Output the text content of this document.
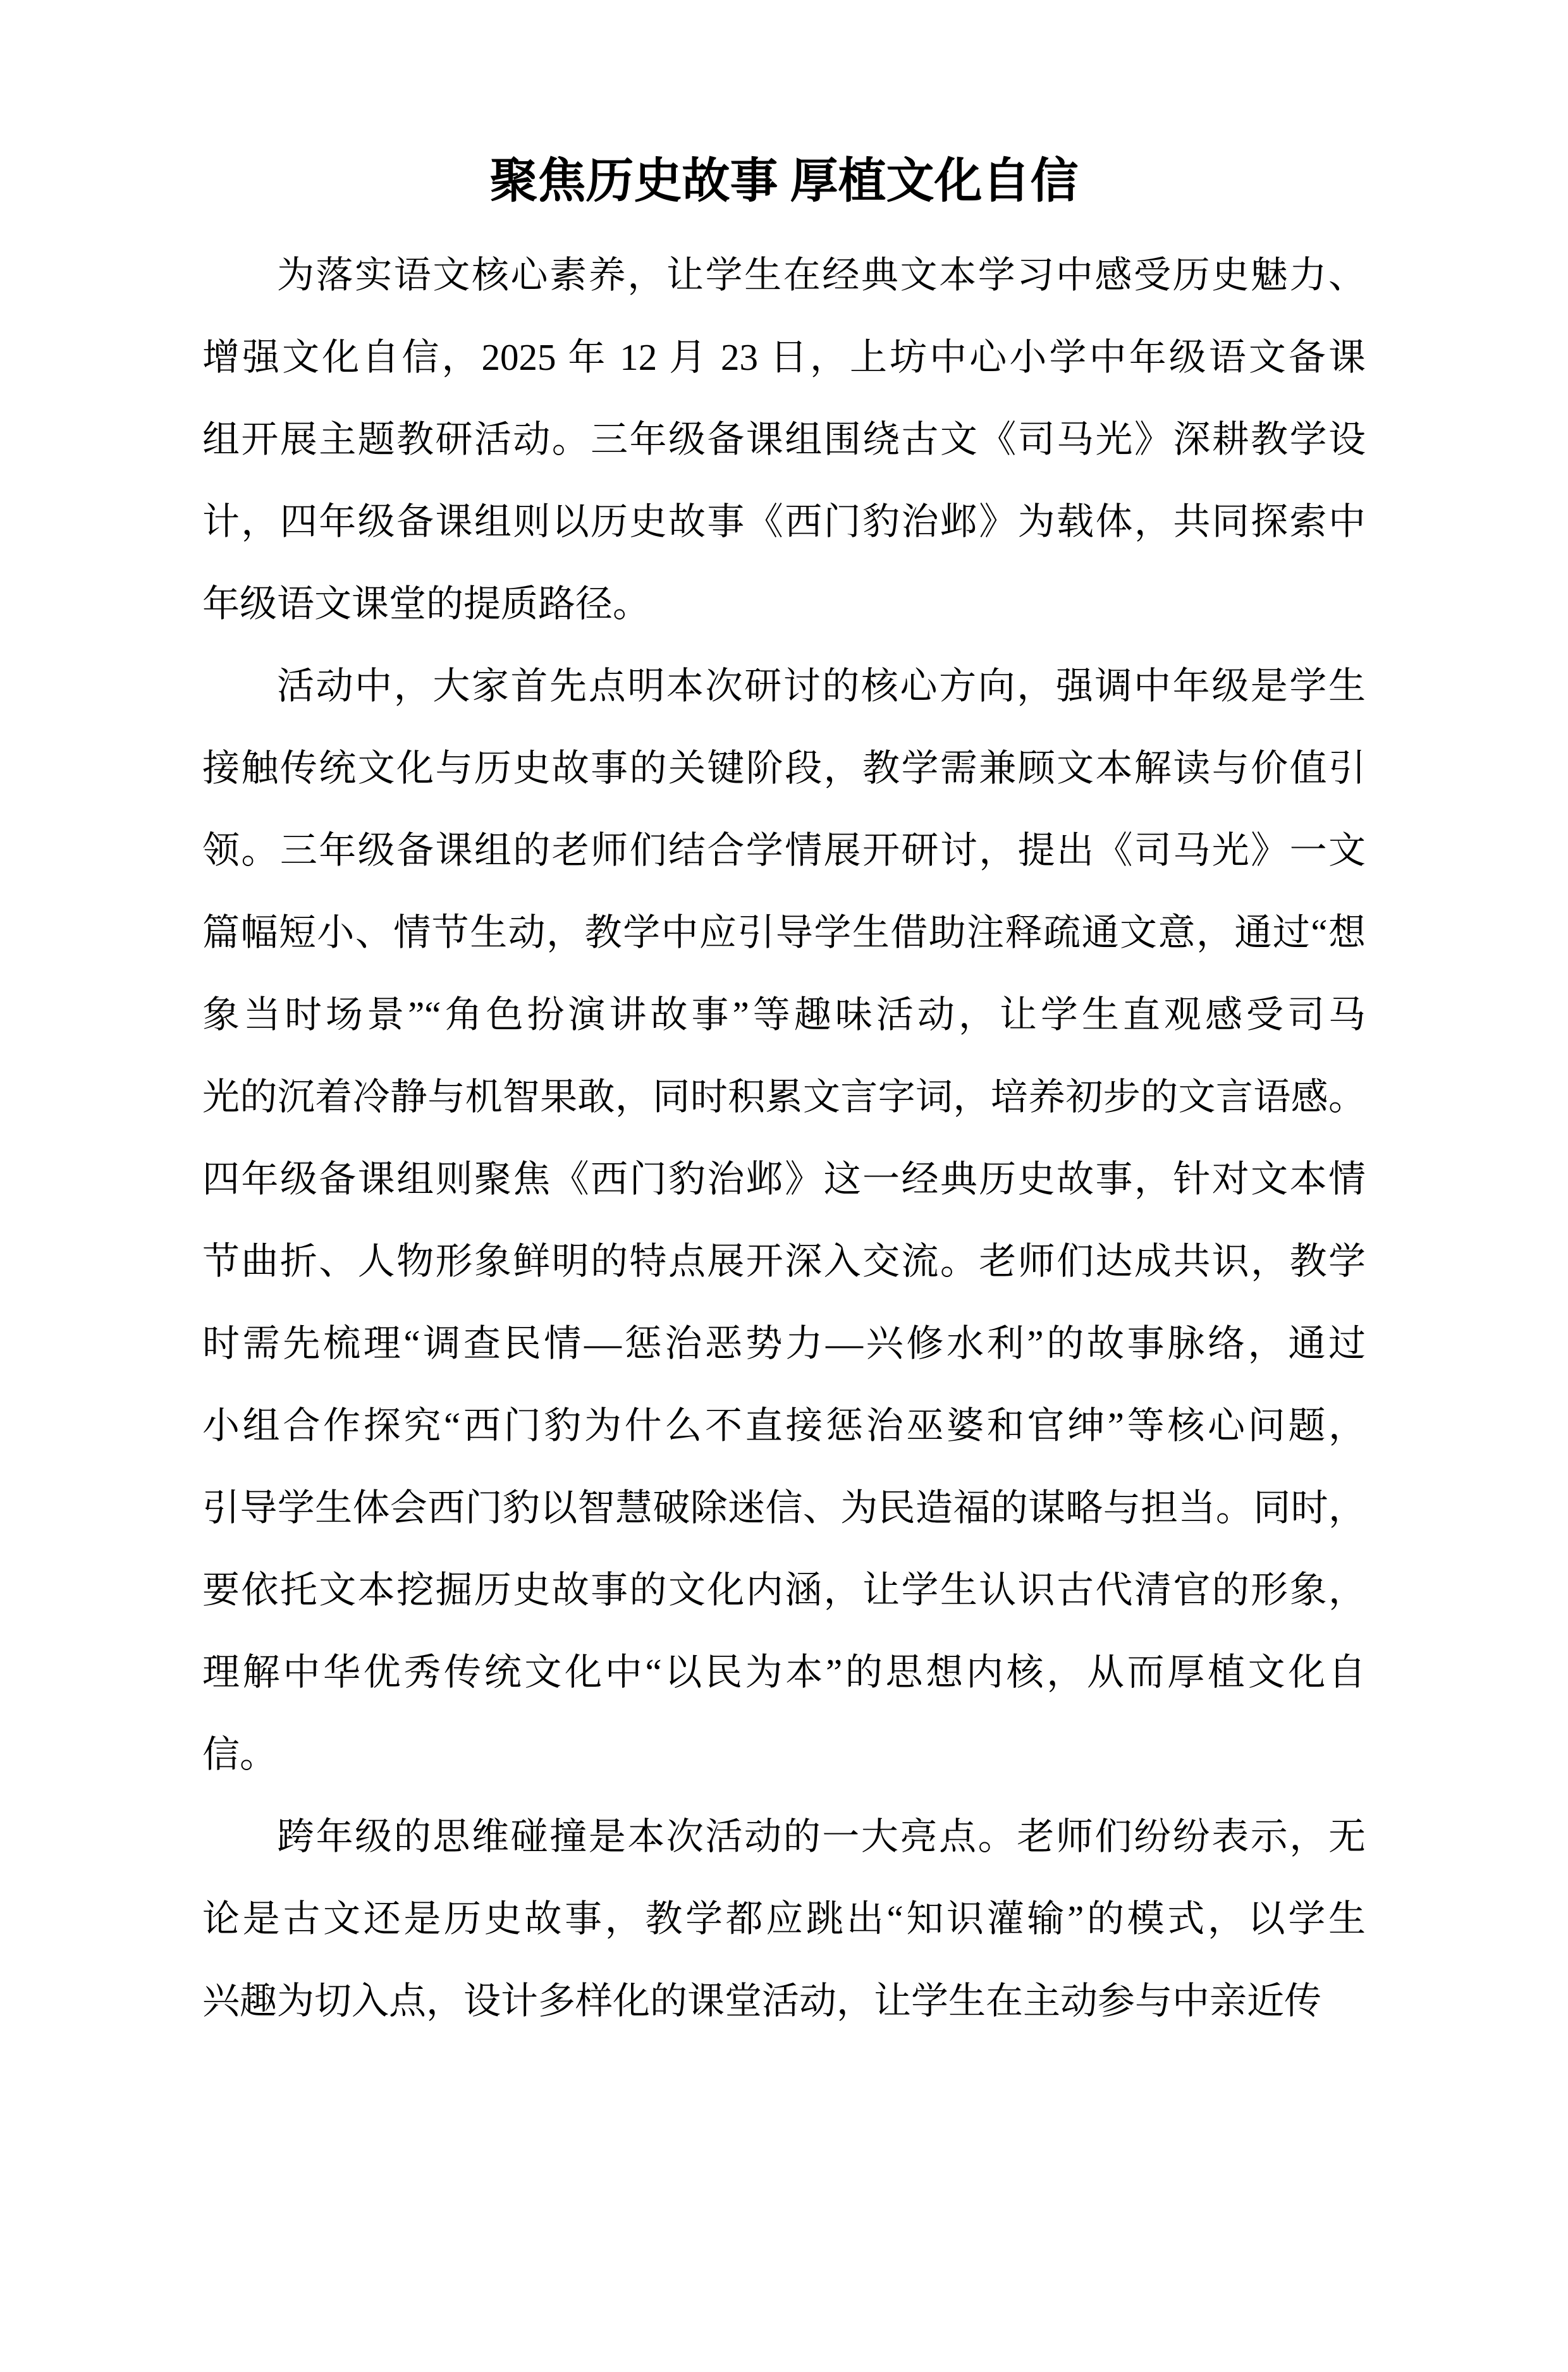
聚焦历史故事 厚植文化自信
为落实语文核心素养，让学生在经典文本学习中感受历史魅力、
增强文化自信，2025 年 12 月 23 日，上坊中心小学中年级语文备课
组开展主题教研活动。三年级备课组围绕古文《司马光》深耕教学设
计，四年级备课组则以历史故事《西门豹治邺》为载体，共同探索中
年级语文课堂的提质路径。
活动中，大家首先点明本次研讨的核心方向，强调中年级是学生
接触传统文化与历史故事的关键阶段，教学需兼顾文本解读与价值引
领。三年级备课组的老师们结合学情展开研讨，提出《司马光》一文
篇幅短小、情节生动，教学中应引导学生借助注释疏通文意，通过“想
象当时场景”“角色扮演讲故事”等趣味活动，让学生直观感受司马
光的沉着冷静与机智果敢，同时积累文言字词，培养初步的文言语感。
四年级备课组则聚焦《西门豹治邺》这一经典历史故事，针对文本情
节曲折、人物形象鲜明的特点展开深入交流。老师们达成共识，教学
时需先梳理“调查民情—惩治恶势力—兴修水利”的故事脉络，通过
小组合作探究“西门豹为什么不直接惩治巫婆和官绅”等核心问题，
引导学生体会西门豹以智慧破除迷信、为民造福的谋略与担当。同时，
要依托文本挖掘历史故事的文化内涵，让学生认识古代清官的形象，
理解中华优秀传统文化中“以民为本”的思想内核，从而厚植文化自
信。
跨年级的思维碰撞是本次活动的一大亮点。老师们纷纷表示，无
论是古文还是历史故事，教学都应跳出“知识灌输”的模式，以学生
兴趣为切入点，设计多样化的课堂活动，让学生在主动参与中亲近传
